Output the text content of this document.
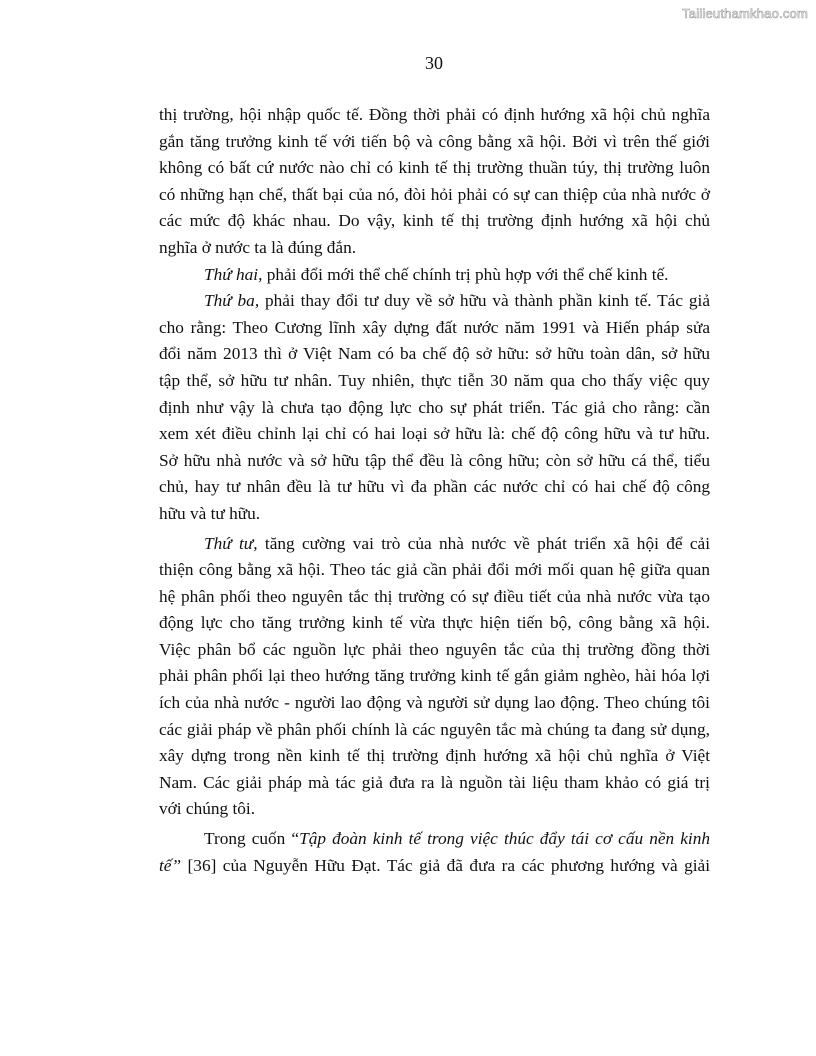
Tailieuthamkhao.com
30
thị trường, hội nhập quốc tế. Đồng thời phải có định hướng xã hội chủ nghĩa
gắn tăng trưởng kinh tế với tiến bộ và công bằng xã hội. Bởi vì trên thế giới
không có bất cứ nước nào chỉ có kinh tế thị trường thuần túy, thị trường luôn
có những hạn chế, thất bại của nó, đòi hỏi phải có sự can thiệp của nhà nước ở
các mức độ khác nhau. Do vậy, kinh tế thị trường định hướng xã hội chủ
nghĩa ở nước ta là đúng đắn.
Thứ hai, phải đổi mới thể chế chính trị phù hợp với thể chế kinh tế.
Thứ ba, phải thay đổi tư duy về sở hữu và thành phần kinh tế. Tác giả
cho rằng: Theo Cương lĩnh xây dựng đất nước năm 1991 và Hiến pháp sửa
đổi năm 2013 thì ở Việt Nam có ba chế độ sở hữu: sở hữu toàn dân, sở hữu
tập thể, sở hữu tư nhân. Tuy nhiên, thực tiễn 30 năm qua cho thấy việc quy
định như vậy là chưa tạo động lực cho sự phát triển. Tác giả cho rằng: cần
xem xét điều chỉnh lại chỉ có hai loại sở hữu là: chế độ công hữu và tư hữu.
Sở hữu nhà nước và sở hữu tập thể đều là công hữu; còn sở hữu cá thể, tiểu
chủ, hay tư nhân đều là tư hữu vì đa phần các nước chỉ có hai chế độ công
hữu và tư hữu.
Thứ tư, tăng cường vai trò của nhà nước về phát triển xã hội để cải
thiện công bằng xã hội. Theo tác giả cần phải đổi mới mối quan hệ giữa quan
hệ phân phối theo nguyên tắc thị trường có sự điều tiết của nhà nước vừa tạo
động lực cho tăng trưởng kinh tế vừa thực hiện tiến bộ, công bằng xã hội.
Việc phân bổ các nguồn lực phải theo nguyên tắc của thị trường đồng thời
phải phân phối lại theo hướng tăng trưởng kinh tế gắn giảm nghèo, hài hóa lợi
ích của nhà nước - người lao động và người sử dụng lao động. Theo chúng tôi
các giải pháp về phân phối chính là các nguyên tắc mà chúng ta đang sử dụng,
xây dựng trong nền kinh tế thị trường định hướng xã hội chủ nghĩa ở Việt
Nam. Các giải pháp mà tác giả đưa ra là nguồn tài liệu tham khảo có giá trị
với chúng tôi.
Trong cuốn “Tập đoàn kinh tế trong việc thúc đẩy tái cơ cấu nền kinh
tế” [36] của Nguyễn Hữu Đạt. Tác giả đã đưa ra các phương hướng và giải
